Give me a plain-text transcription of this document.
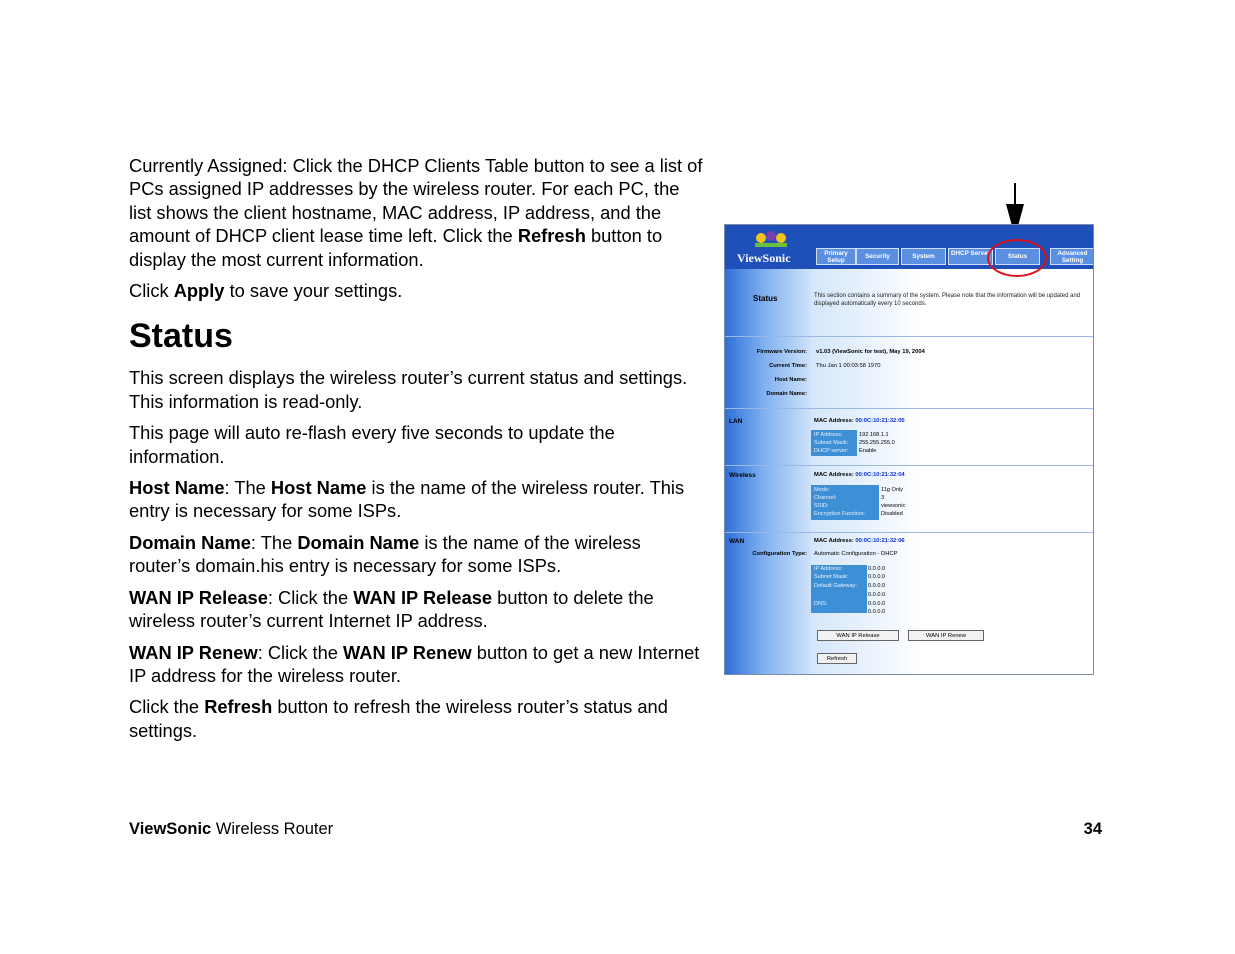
Currently Assigned: Click the DHCP Clients Table button to see a list of PCs assigned IP addresses by the wireless router. For each PC, the list shows the client hostname, MAC address, IP address, and the amount of DHCP client lease time left. Click the Refresh button to display the most current information.

Click Apply to save your settings.

Status

This screen displays the wireless router’s current status and settings. This information is read-only.

This page will auto re-flash every five seconds to update the information.

Host Name: The Host Name is the name of the wireless router. This entry is necessary for some ISPs.

Domain Name: The Domain Name is the name of the wireless router’s domain.his entry is necessary for some ISPs.

WAN IP Release: Click the WAN IP Release button to delete the wireless router’s current Internet IP address.

WAN IP Renew: Click the WAN IP Renew button to get a new Internet IP address for the wireless router.

Click the Refresh button to refresh the wireless router’s status and settings.

ViewSonic Wireless Router	34
ViewSonic	Primary Setup
Security	System	DHCP Server	Status	Advanced Setting
Status	This section contains a summary of the system. Please note that the information will be updated and displayed automatically every 10 seconds.
Firmware Version: v1.03 (ViewSonic for test), May 19, 2004
Current Time: Thu Jan 1 00:03:58 1970
Host Name:
Domain Name:
LAN	MAC Address: 00:0C:10:21:32:05
IP Address:	192.168.1.1
Subnet Mask: 255.255.255.0
DHCP server: Enable
Wireless	MAC Address: 00:0C:10:21:32:04
Mode:	11g Only
Channel:	3
SSID:	viewsonic
Encryption Function:	Disabled
WAN	MAC Address: 00:0C:10:21:32:06
Configuration Type: Automatic Configuration - DHCP
IP Address:	0.0.0.0
Subnet Mask:	0.0.0.0
Default Gateway: 0.0.0.0
0.0.0.0
DNS:	0.0.0.0
0.0.0.0
WAN IP Release	WAN IP Renew
Refresh
